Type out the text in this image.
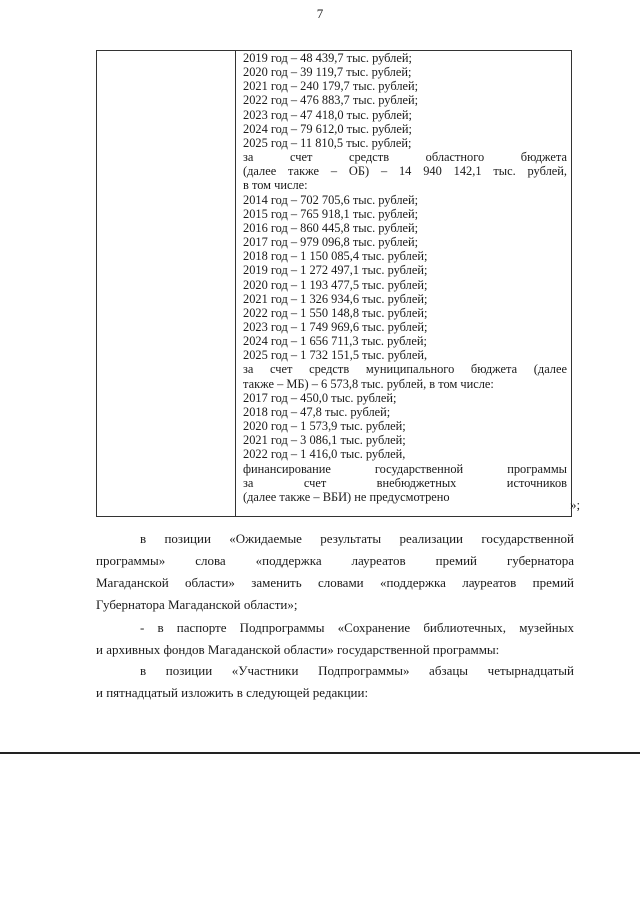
7
2019 год – 48 439,7 тыс. рублей;
2020 год – 39 119,7 тыс. рублей;
2021 год – 240 179,7 тыс. рублей;
2022 год – 476 883,7 тыс. рублей;
2023 год – 47 418,0 тыс. рублей;
2024 год – 79 612,0 тыс. рублей;
2025 год – 11 810,5 тыс. рублей;
за счет средств областного бюджета
(далее также – ОБ) – 14 940 142,1 тыс. рублей,
в том числе:
2014 год – 702 705,6 тыс. рублей;
2015 год – 765 918,1 тыс. рублей;
2016 год – 860 445,8 тыс. рублей;
2017 год – 979 096,8 тыс. рублей;
2018 год – 1 150 085,4 тыс. рублей;
2019 год – 1 272 497,1 тыс. рублей;
2020 год – 1 193 477,5 тыс. рублей;
2021 год – 1 326 934,6 тыс. рублей;
2022 год – 1 550 148,8 тыс. рублей;
2023 год – 1 749 969,6 тыс. рублей;
2024 год – 1 656 711,3 тыс. рублей;
2025 год – 1 732 151,5 тыс. рублей,
за счет средств муниципального бюджета (далее
также – МБ) – 6 573,8 тыс. рублей, в том числе:
2017 год – 450,0 тыс. рублей;
2018 год – 47,8 тыс. рублей;
2020 год – 1 573,9 тыс. рублей;
2021 год – 3 086,1 тыс. рублей;
2022 год – 1 416,0 тыс. рублей,
финансирование государственной программы
за счет внебюджетных источников
(далее также – ВБИ) не предусмотрено
»;
в позиции «Ожидаемые результаты реализации государственной
программы» слова «поддержка лауреатов премий губернатора
Магаданской области» заменить словами «поддержка лауреатов премий
Губернатора Магаданской области»;
- в паспорте Подпрограммы «Сохранение библиотечных, музейных
и архивных фондов Магаданской области» государственной программы:
в позиции «Участники Подпрограммы» абзацы четырнадцатый
и пятнадцатый изложить в следующей редакции:
